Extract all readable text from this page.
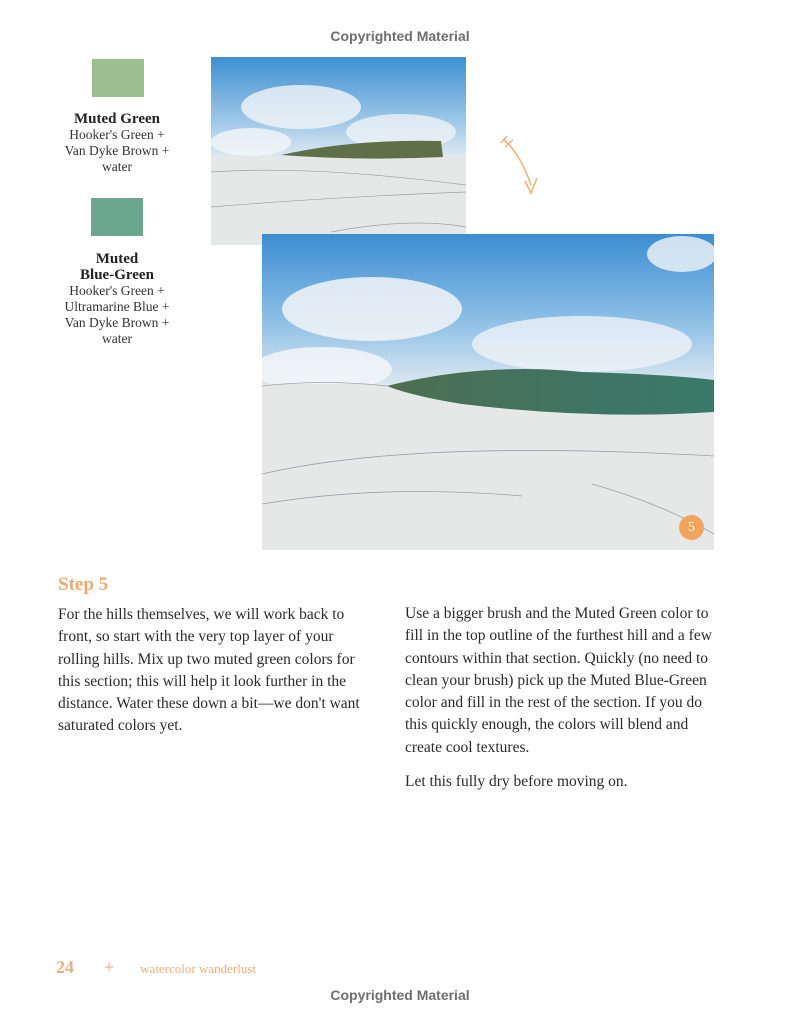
Copyrighted Material
Muted Green
Hooker's Green +
Van Dyke Brown +
water
Muted
Blue-Green
Hooker's Green +
Ultramarine Blue +
Van Dyke Brown +
water
5
Step 5

For the hills themselves, we will work back to front, so start with the very top layer of your rolling hills. Mix up two muted green colors for this section; this will help it look further in the distance. Water these down a bit—we don't want saturated colors yet.

Use a bigger brush and the Muted Green color to fill in the top outline of the furthest hill and a few contours within that section. Quickly (no need to clean your brush) pick up the Muted Blue-Green color and fill in the rest of the section. If you do this quickly enough, the colors will blend and create cool textures.

Let this fully dry before moving on.

24 + watercolor wanderlust
Copyrighted Material
